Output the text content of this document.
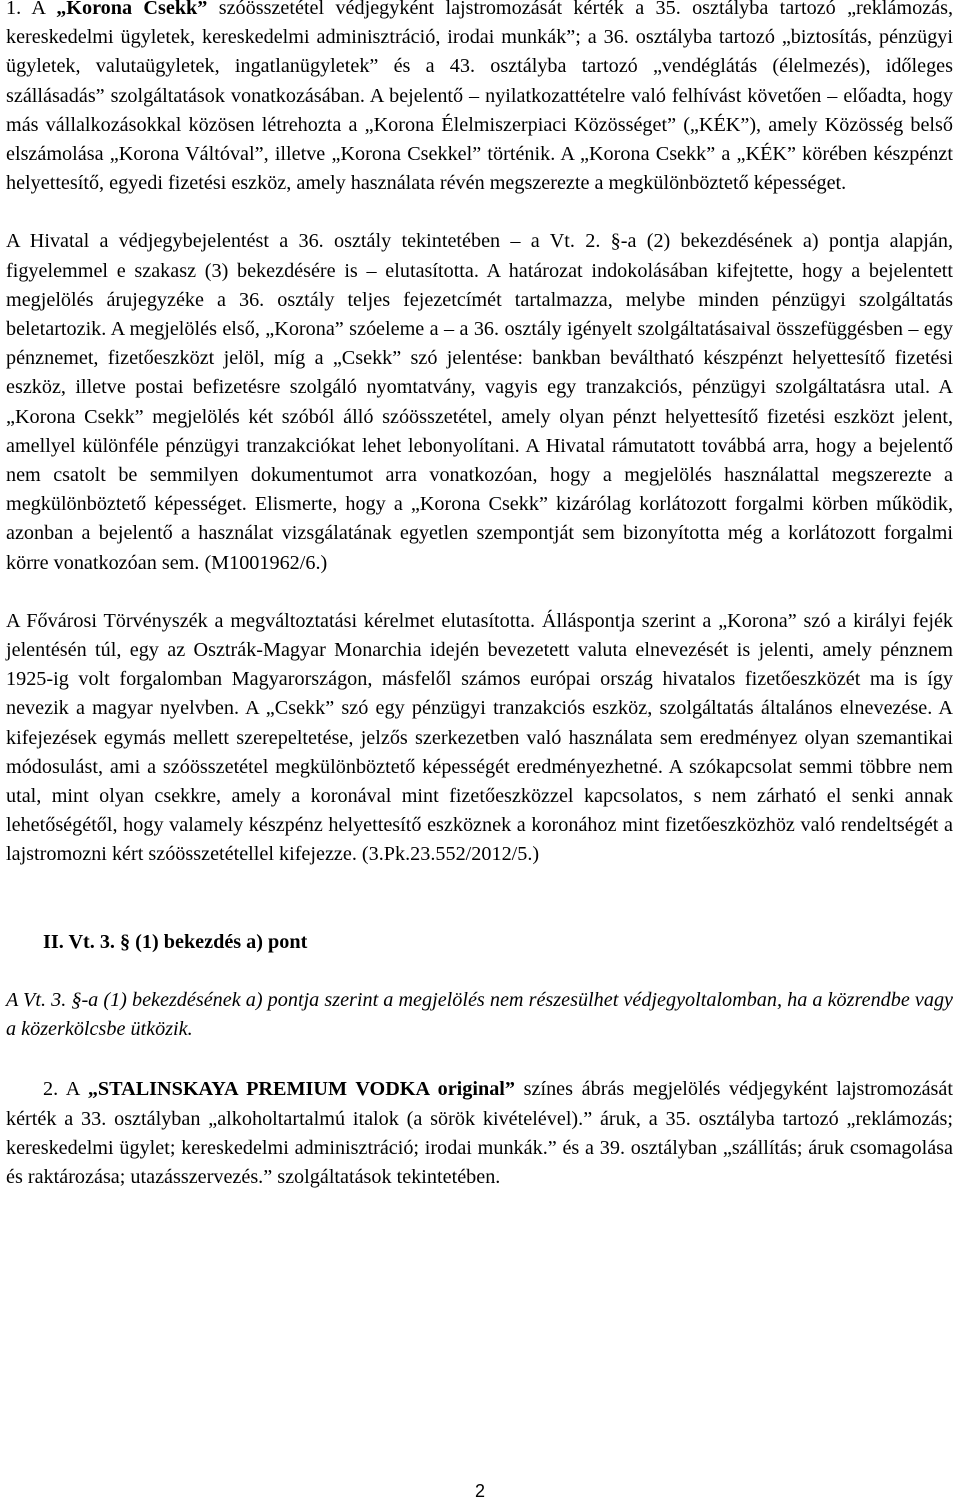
1. A „Korona Csekk” szóösszetétel védjegyként lajstromozását kérték a 35. osztályba tartozó „reklámozás, kereskedelmi ügyletek, kereskedelmi adminisztráció, irodai munkák”; a 36. osztályba tartozó „biztosítás, pénzügyi ügyletek, valutaügyletek, ingatlanügyletek” és a 43. osztályba tartozó „vendéglátás (élelmezés), időleges szállásadás” szolgáltatások vonatkozásában. A bejelentő – nyilatkozattételre való felhívást követően – előadta, hogy más vállalkozásokkal közösen létrehozta a „Korona Élelmiszerpiaci Közösséget” („KÉK”), amely Közösség belső elszámolása „Korona Váltóval”, illetve „Korona Csekkel” történik. A „Korona Csekk” a „KÉK” körében készpénzt helyettesítő, egyedi fizetési eszköz, amely használata révén megszerezte a megkülönböztető képességet.

A Hivatal a védjegybejelentést a 36. osztály tekintetében – a Vt. 2. §-a (2) bekezdésének a) pontja alapján, figyelemmel e szakasz (3) bekezdésére is – elutasította. A határozat indokolásában kifejtette, hogy a bejelentett megjelölés árujegyzéke a 36. osztály teljes fejezetcímét tartalmazza, melybe minden pénzügyi szolgáltatás beletartozik. A megjelölés első, „Korona” szóeleme a – a 36. osztály igényelt szolgáltatásaival összefüggésben – egy pénznemet, fizetőeszközt jelöl, míg a „Csekk” szó jelentése: bankban beváltható készpénzt helyettesítő fizetési eszköz, illetve postai befizetésre szolgáló nyomtatvány, vagyis egy tranzakciós, pénzügyi szolgáltatásra utal. A „Korona Csekk” megjelölés két szóból álló szóösszetétel, amely olyan pénzt helyettesítő fizetési eszközt jelent, amellyel különféle pénzügyi tranzakciókat lehet lebonyolítani. A Hivatal rámutatott továbbá arra, hogy a bejelentő nem csatolt be semmilyen dokumentumot arra vonatkozóan, hogy a megjelölés használattal megszerezte a megkülönböztető képességet. Elismerte, hogy a „Korona Csekk” kizárólag korlátozott forgalmi körben működik, azonban a bejelentő a használat vizsgálatának egyetlen szempontját sem bizonyította még a korlátozott forgalmi körre vonatkozóan sem. (M1001962/6.)

A Fővárosi Törvényszék a megváltoztatási kérelmet elutasította. Álláspontja szerint a „Korona” szó a királyi fejék jelentésén túl, egy az Osztrák-Magyar Monarchia idején bevezetett valuta elnevezését is jelenti, amely pénznem 1925-ig volt forgalomban Magyarországon, másfelől számos európai ország hivatalos fizetőeszközét ma is így nevezik a magyar nyelvben. A „Csekk” szó egy pénzügyi tranzakciós eszköz, szolgáltatás általános elnevezése. A kifejezések egymás mellett szerepeltetése, jelzős szerkezetben való használata sem eredményez olyan szemantikai módosulást, ami a szóösszetétel megkülönböztető képességét eredményezhetné. A szókapcsolat semmi többre nem utal, mint olyan csekkre, amely a koronával mint fizetőeszközzel kapcsolatos, s nem zárható el senki annak lehetőségétől, hogy valamely készpénz helyettesítő eszköznek a koronához mint fizetőeszközhöz való rendeltségét a lajstromozni kért szóösszetétellel kifejezze. (3.Pk.23.552/2012/5.)

II. Vt. 3. § (1) bekezdés a) pont

A Vt. 3. §-a (1) bekezdésének a) pontja szerint a megjelölés nem részesülhet védjegyoltalomban, ha a közrendbe vagy a közerkölcsbe ütközik.

2. A „STALINSKAYA PREMIUM VODKA original” színes ábrás megjelölés védjegyként lajstromozását kérték a 33. osztályban „alkoholtartalmú italok (a sörök kivételével).” áruk, a 35. osztályba tartozó „reklámozás; kereskedelmi ügylet; kereskedelmi adminisztráció; irodai munkák.” és a 39. osztályban „szállítás; áruk csomagolása és raktározása; utazásszervezés.” szolgáltatások tekintetében.

2
